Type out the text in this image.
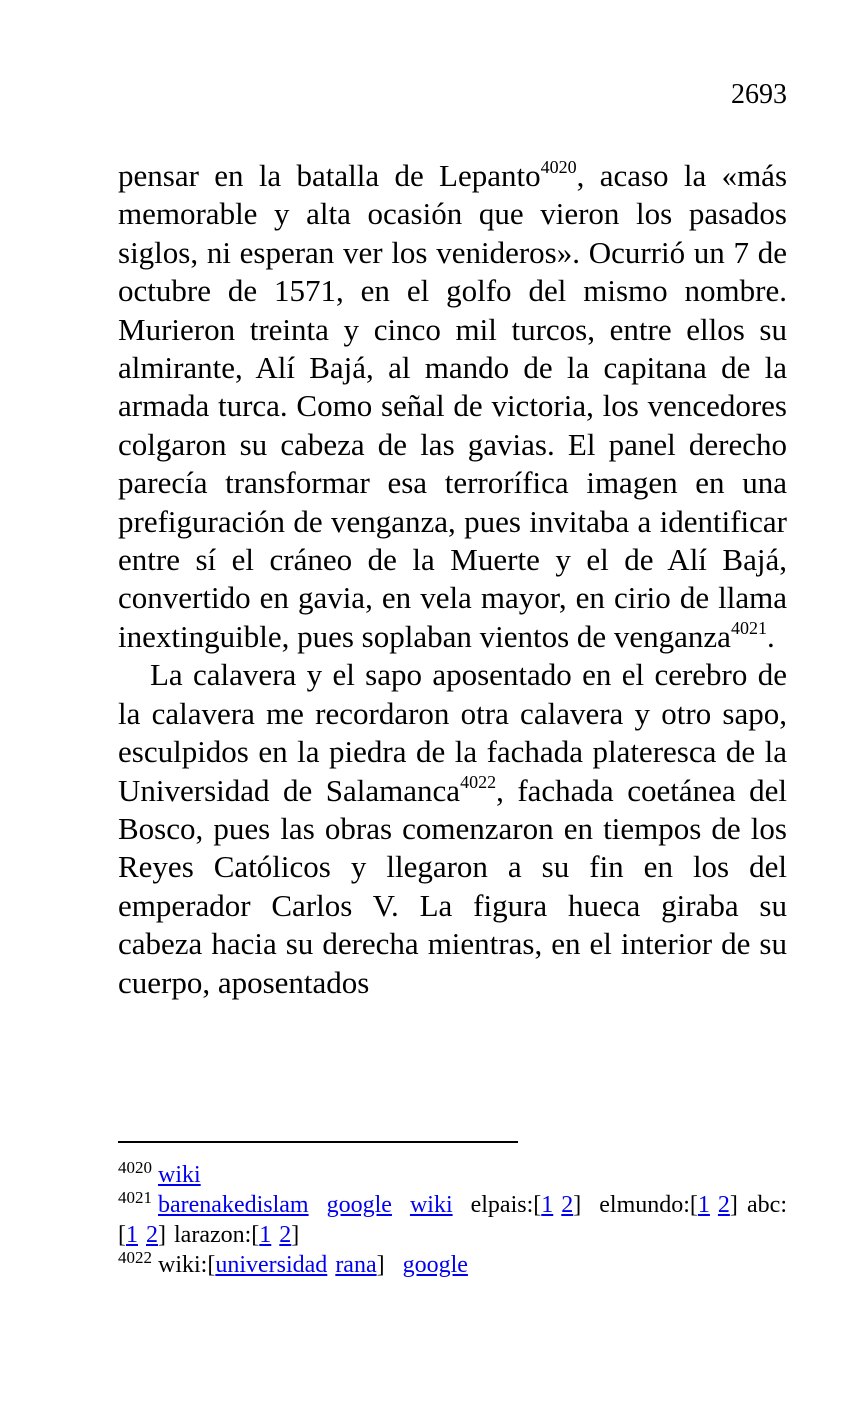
2693

pensar en la batalla de Lepanto$^{4020}$, acaso la «más memorable y alta ocasión que vieron los pasados siglos, ni esperan ver los venideros». Ocurrió un 7 de octubre de 1571, en el golfo del mismo nombre. Murieron treinta y cinco mil turcos, entre ellos su almirante, Alí Bajá, al mando de la capitana de la armada turca. Como señal de victoria, los vencedores colgaron su cabeza de las gavias. El panel derecho parecía transformar esa terrorífica imagen en una prefiguración de venganza, pues invitaba a identificar entre sí el cráneo de la Muerte y el de Alí Bajá, convertido en gavia, en vela mayor, en cirio de llama inextinguible, pues soplaban vientos de venganza$^{4021}$.

La calavera y el sapo aposentado en el cerebro de la calavera me recordaron otra calavera y otro sapo, esculpidos en la piedra de la fachada plateresca de la Universidad de Salamanca$^{4022}$, fachada coetánea del Bosco, pues las obras comenzaron en tiempos de los Reyes Católicos y llegaron a su fin en los del emperador Carlos V. La figura hueca giraba su cabeza hacia su derecha mientras, en el interior de su cuerpo, aposentados

$^{4020}$ wiki

$^{4021}$ barenakedislam google wiki elpais:[1 2] elmundo:[1 2] abc:[1 2] larazon:[1 2]

$^{4022}$ wiki:[universidad rana] google
